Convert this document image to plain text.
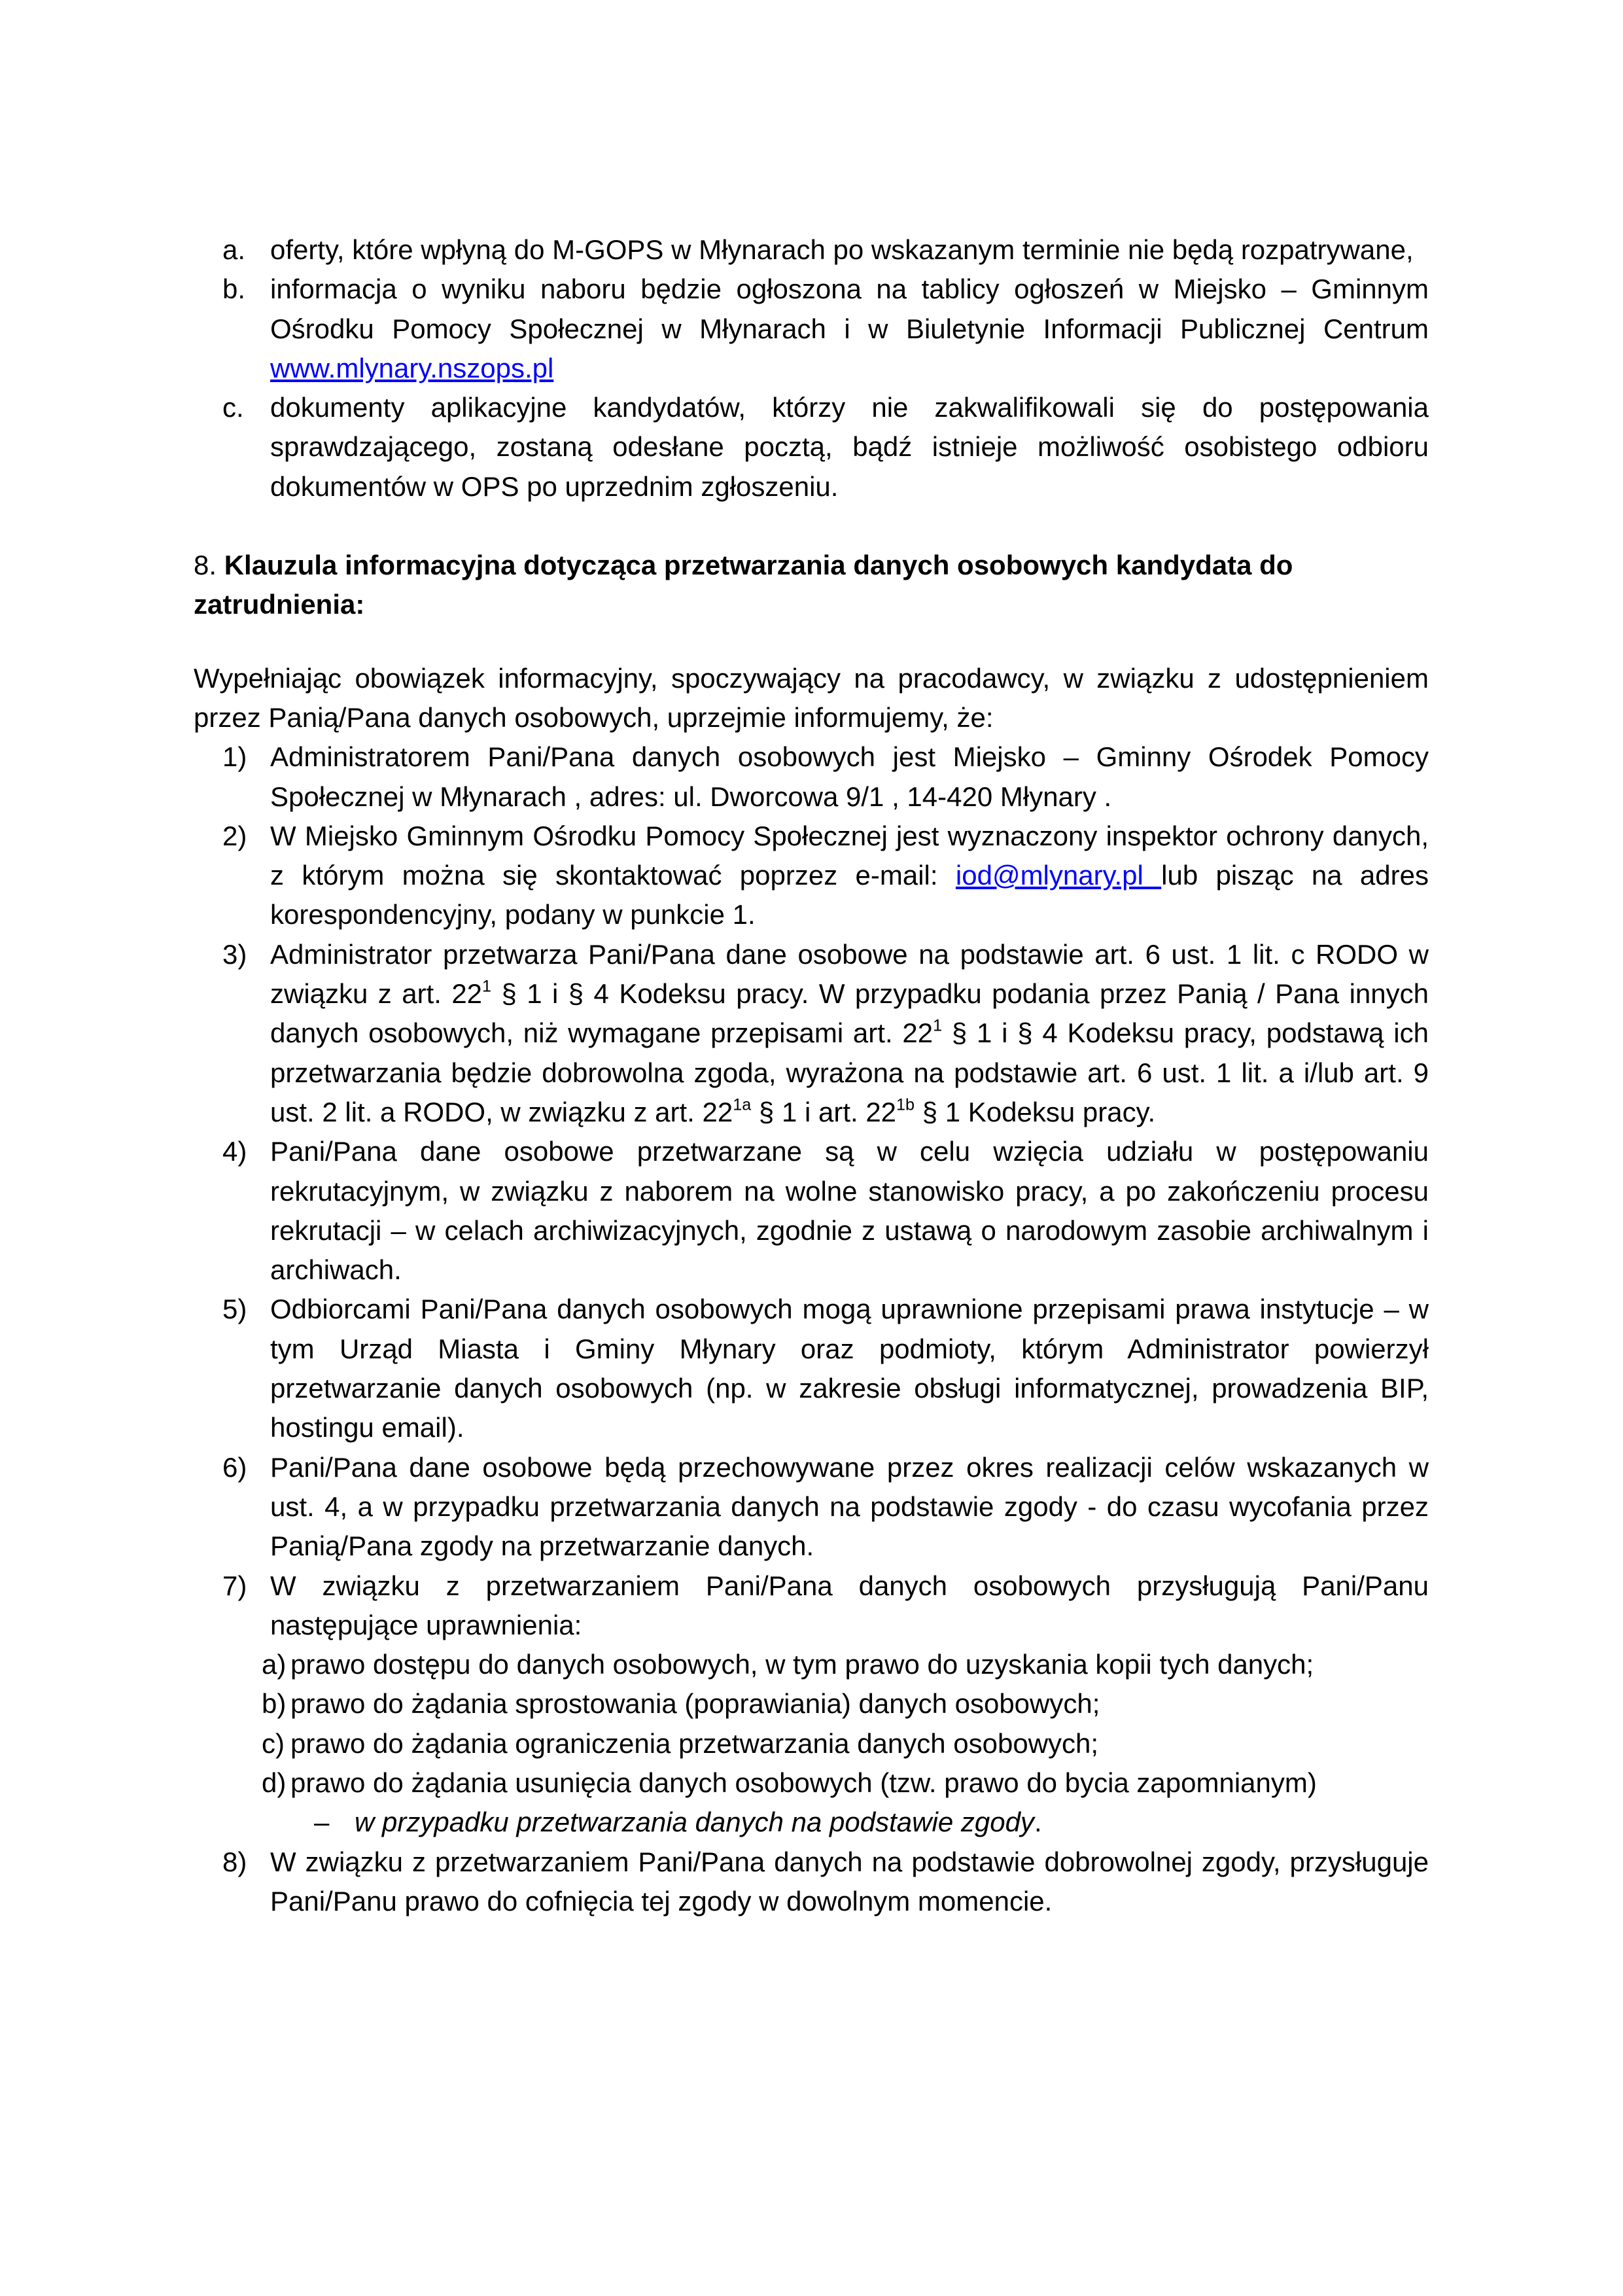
a. oferty, które wpłyną do M-GOPS w Młynarach po wskazanym terminie nie będą rozpatrywane,
b. informacja o wyniku naboru będzie ogłoszona na tablicy ogłoszeń w Miejsko – Gminnym Ośrodku Pomocy Społecznej w Młynarach i w Biuletynie Informacji Publicznej Centrum www.mlynary.nszops.pl
c. dokumenty aplikacyjne kandydatów, którzy nie zakwalifikowali się do postępowania sprawdzającego, zostaną odesłane pocztą, bądź istnieje możliwość osobistego odbioru dokumentów w OPS po uprzednim zgłoszeniu.
8. Klauzula informacyjna dotycząca przetwarzania danych osobowych kandydata do zatrudnienia:

Wypełniając obowiązek informacyjny, spoczywający na pracodawcy, w związku z udostępnieniem przez Panią/Pana danych osobowych, uprzejmie informujemy, że:

1) Administratorem Pani/Pana danych osobowych jest Miejsko – Gminny Ośrodek Pomocy Społecznej w Młynarach , adres: ul. Dworcowa 9/1 , 14-420 Młynary .
2) W Miejsko Gminnym Ośrodku Pomocy Społecznej jest wyznaczony inspektor ochrony danych, z którym można się skontaktować poprzez e-mail: iod@mlynary.pl lub pisząc na adres korespondencyjny, podany w punkcie 1.
3) Administrator przetwarza Pani/Pana dane osobowe na podstawie art. 6 ust. 1 lit. c RODO w związku z art. $22^1$ § 1 i § 4 Kodeksu pracy. W przypadku podania przez Panią / Pana innych danych osobowych, niż wymagane przepisami art. $22^1$ § 1 i § 4 Kodeksu pracy, podstawą ich przetwarzania będzie dobrowolna zgoda, wyrażona na podstawie art. 6 ust. 1 lit. a i/lub art. 9 ust. 2 lit. a RODO, w związku z art. $22^{1a}$ § 1 i art. $22^{1b}$ § 1 Kodeksu pracy.
4) Pani/Pana dane osobowe przetwarzane są w celu wzięcia udziału w postępowaniu rekrutacyjnym, w związku z naborem na wolne stanowisko pracy, a po zakończeniu procesu rekrutacji – w celach archiwizacyjnych, zgodnie z ustawą o narodowym zasobie archiwalnym i archiwach.
5) Odbiorcami Pani/Pana danych osobowych mogą uprawnione przepisami prawa instytucje – w tym Urząd Miasta i Gminy Młynary oraz podmioty, którym Administrator powierzył przetwarzanie danych osobowych (np. w zakresie obsługi informatycznej, prowadzenia BIP, hostingu email).
6) Pani/Pana dane osobowe będą przechowywane przez okres realizacji celów wskazanych w ust. 4, a w przypadku przetwarzania danych na podstawie zgody - do czasu wycofania przez Panią/Pana zgody na przetwarzanie danych.
7) W związku z przetwarzaniem Pani/Pana danych osobowych przysługują Pani/Panu następujące uprawnienia:
a) prawo dostępu do danych osobowych, w tym prawo do uzyskania kopii tych danych;
b) prawo do żądania sprostowania (poprawiania) danych osobowych;
c) prawo do żądania ograniczenia przetwarzania danych osobowych;
d) prawo do żądania usunięcia danych osobowych (tzw. prawo do bycia zapomnianym)
– w przypadku przetwarzania danych na podstawie zgody.
8) W związku z przetwarzaniem Pani/Pana danych na podstawie dobrowolnej zgody, przysługuje Pani/Panu prawo do cofnięcia tej zgody w dowolnym momencie.
